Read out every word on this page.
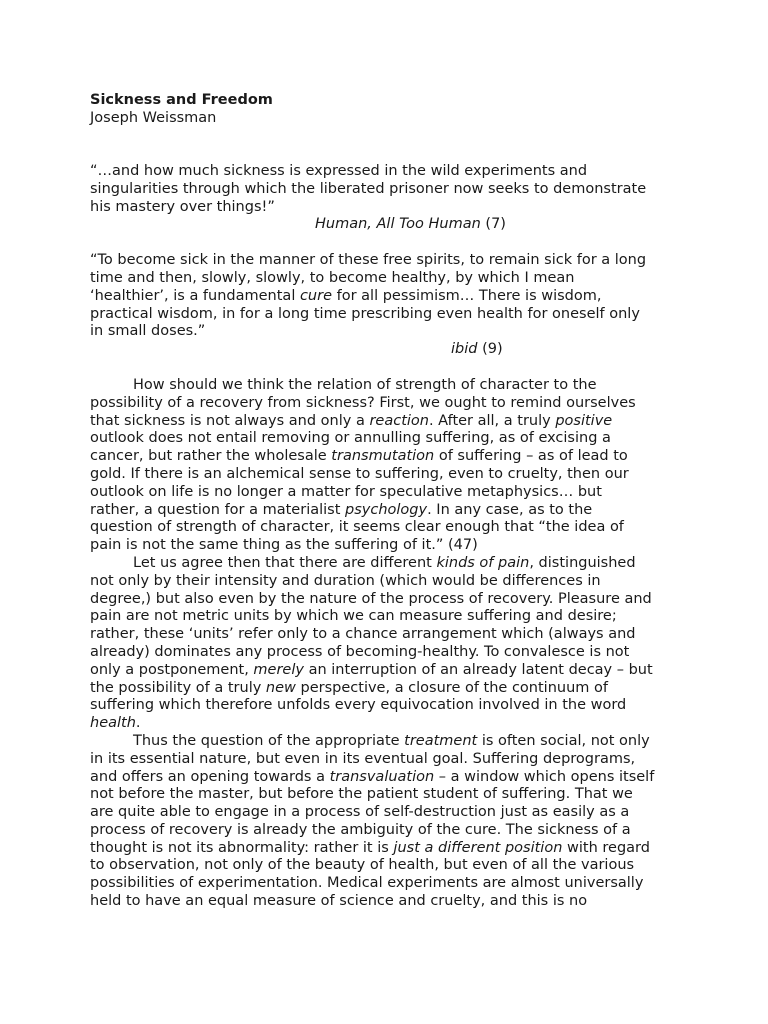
Sickness and Freedom
Joseph Weissman
“…and how much sickness is expressed in the wild experiments and
singularities through which the liberated prisoner now seeks to demonstrate
his mastery over things!”
Human, All Too Human (7)
“To become sick in the manner of these free spirits, to remain sick for a long
time and then, slowly, slowly, to become healthy, by which I mean
‘healthier’, is a fundamental cure for all pessimism… There is wisdom,
practical wisdom, in for a long time prescribing even health for oneself only
in small doses.”
ibid (9)
How should we think the relation of strength of character to the
possibility of a recovery from sickness? First, we ought to remind ourselves
that sickness is not always and only a reaction. After all, a truly positive
outlook does not entail removing or annulling suffering, as of excising a
cancer, but rather the wholesale transmutation of suffering – as of lead to
gold. If there is an alchemical sense to suffering, even to cruelty, then our
outlook on life is no longer a matter for speculative metaphysics… but
rather, a question for a materialist psychology. In any case, as to the
question of strength of character, it seems clear enough that “the idea of
pain is not the same thing as the suffering of it.” (47)
Let us agree then that there are different kinds of pain, distinguished
not only by their intensity and duration (which would be differences in
degree,) but also even by the nature of the process of recovery. Pleasure and
pain are not metric units by which we can measure suffering and desire;
rather, these ‘units’ refer only to a chance arrangement which (always and
already) dominates any process of becoming-healthy. To convalesce is not
only a postponement, merely an interruption of an already latent decay – but
the possibility of a truly new perspective, a closure of the continuum of
suffering which therefore unfolds every equivocation involved in the word
health.
Thus the question of the appropriate treatment is often social, not only
in its essential nature, but even in its eventual goal. Suffering deprograms,
and offers an opening towards a transvaluation – a window which opens itself
not before the master, but before the patient student of suffering. That we
are quite able to engage in a process of self-destruction just as easily as a
process of recovery is already the ambiguity of the cure. The sickness of a
thought is not its abnormality: rather it is just a different position with regard
to observation, not only of the beauty of health, but even of all the various
possibilities of experimentation. Medical experiments are almost universally
held to have an equal measure of science and cruelty, and this is no
